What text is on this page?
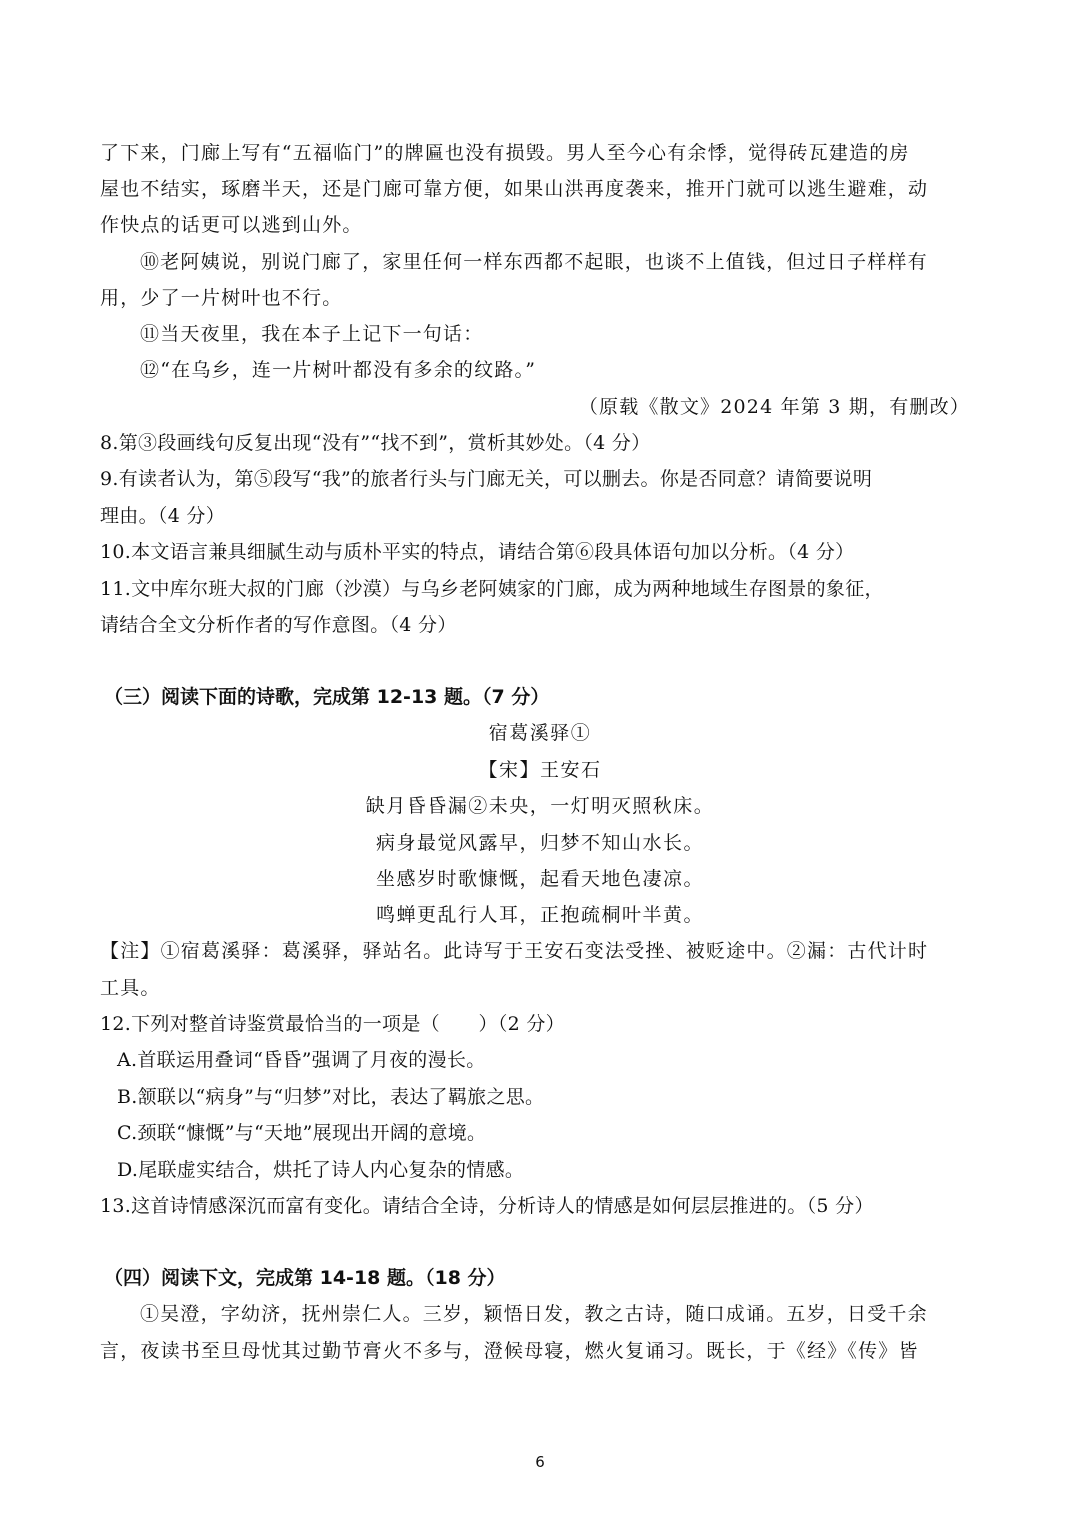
了下来，门廊上写有“五福临门”的牌匾也没有损毁。男人至今心有余悸，觉得砖瓦建造的房
屋也不结实，琢磨半天，还是门廊可靠方便，如果山洪再度袭来，推开门就可以逃生避难，动
作快点的话更可以逃到山外。
⑩老阿姨说，别说门廊了，家里任何一样东西都不起眼，也谈不上值钱，但过日子样样有
用，少了一片树叶也不行。
⑪当天夜里，我在本子上记下一句话：
⑫“在乌乡，连一片树叶都没有多余的纹路。”
（原载《散文》2024 年第 3 期，有删改）
8.第③段画线句反复出现“没有”“找不到”，赏析其妙处。（4 分）
9.有读者认为，第⑤段写“我”的旅者行头与门廊无关，可以删去。你是否同意？请简要说明
理由。（4 分）
10.本文语言兼具细腻生动与质朴平实的特点，请结合第⑥段具体语句加以分析。（4 分）
11.文中库尔班大叔的门廊（沙漠）与乌乡老阿姨家的门廊，成为两种地域生存图景的象征，
请结合全文分析作者的写作意图。（4 分）
（三）阅读下面的诗歌，完成第 12-13 题。（7 分）
宿葛溪驿①
【宋】王安石
缺月昏昏漏②未央，一灯明灭照秋床。
病身最觉风露早，归梦不知山水长。
坐感岁时歌慷慨，起看天地色凄凉。
鸣蝉更乱行人耳，正抱疏桐叶半黄。
【注】①宿葛溪驿：葛溪驿，驿站名。此诗写于王安石变法受挫、被贬途中。②漏：古代计时
工具。
12.下列对整首诗鉴赏最恰当的一项是（　　）（2 分）
A.首联运用叠词“昏昏”强调了月夜的漫长。
B.颔联以“病身”与“归梦”对比，表达了羁旅之思。
C.颈联“慷慨”与“天地”展现出开阔的意境。
D.尾联虚实结合，烘托了诗人内心复杂的情感。
13.这首诗情感深沉而富有变化。请结合全诗，分析诗人的情感是如何层层推进的。（5 分）
（四）阅读下文，完成第 14-18 题。（18 分）
①吴澄，字幼济，抚州崇仁人。三岁，颖悟日发，教之古诗，随口成诵。五岁，日受千余
言，夜读书至旦母忧其过勤节膏火不多与，澄候母寝，燃火复诵习。既长，于《经》《传》皆
6
